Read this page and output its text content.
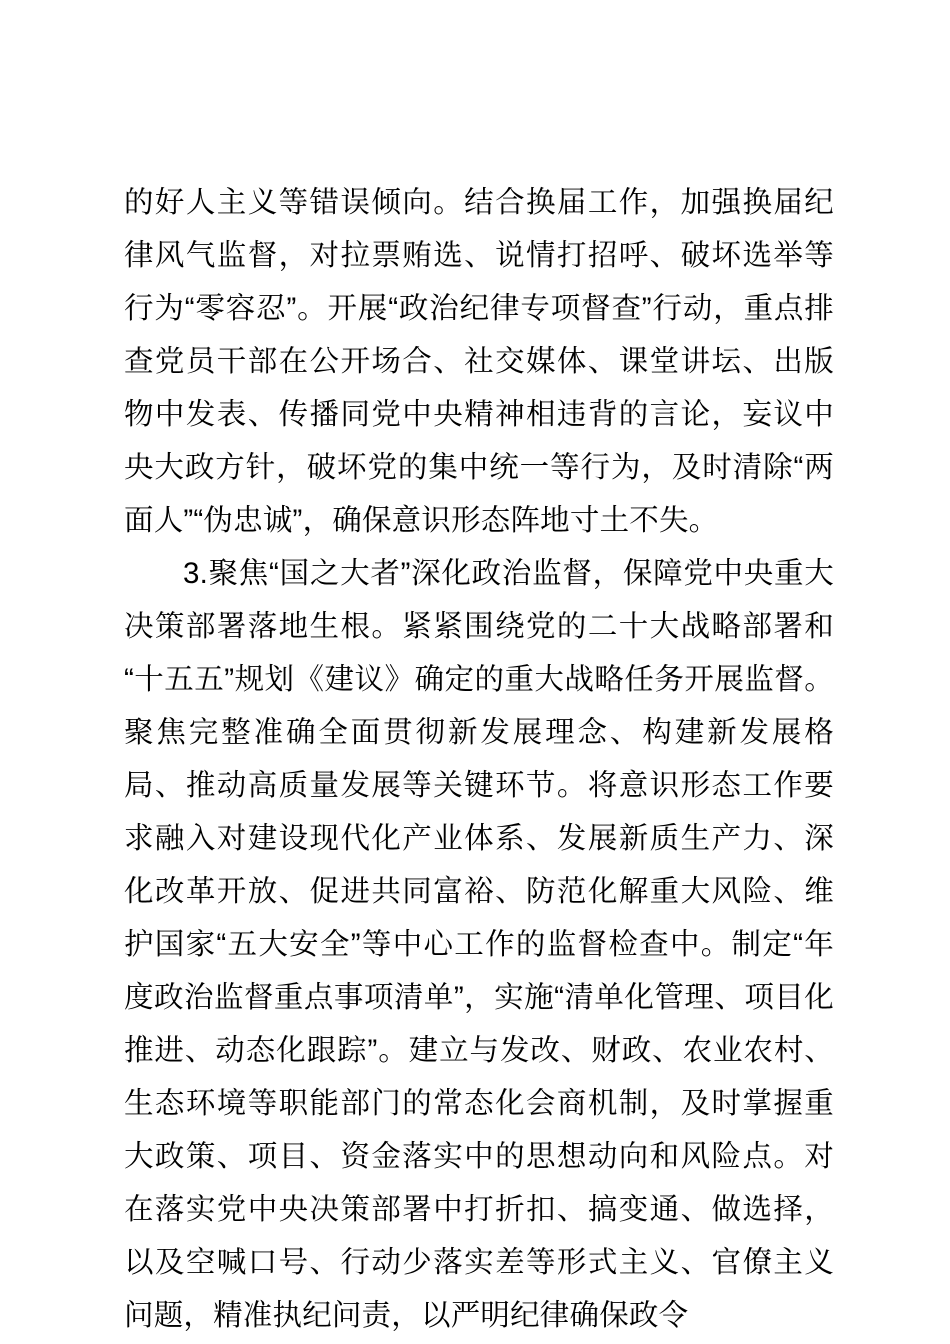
的好人主义等错误倾向。结合换届工作，加强换届纪律风气监督，对拉票贿选、说情打招呼、破坏选举等行为“零容忍”。开展“政治纪律专项督查”行动，重点排查党员干部在公开场合、社交媒体、课堂讲坛、出版物中发表、传播同党中央精神相违背的言论，妄议中央大政方针，破坏党的集中统一等行为，及时清除“两面人”“伪忠诚”，确保意识形态阵地寸土不失。

3.聚焦“国之大者”深化政治监督，保障党中央重大决策部署落地生根。紧紧围绕党的二十大战略部署和“十五五”规划《建议》确定的重大战略任务开展监督。聚焦完整准确全面贯彻新发展理念、构建新发展格局、推动高质量发展等关键环节。将意识形态工作要求融入对建设现代化产业体系、发展新质生产力、深化改革开放、促进共同富裕、防范化解重大风险、维护国家“五大安全”等中心工作的监督检查中。制定“年度政治监督重点事项清单”，实施“清单化管理、项目化推进、动态化跟踪”。建立与发改、财政、农业农村、生态环境等职能部门的常态化会商机制，及时掌握重大政策、项目、资金落实中的思想动向和风险点。对在落实党中央决策部署中打折扣、搞变通、做选择，以及空喊口号、行动少落实差等形式主义、官僚主义问题，精准执纪问责，以严明纪律确保政令
